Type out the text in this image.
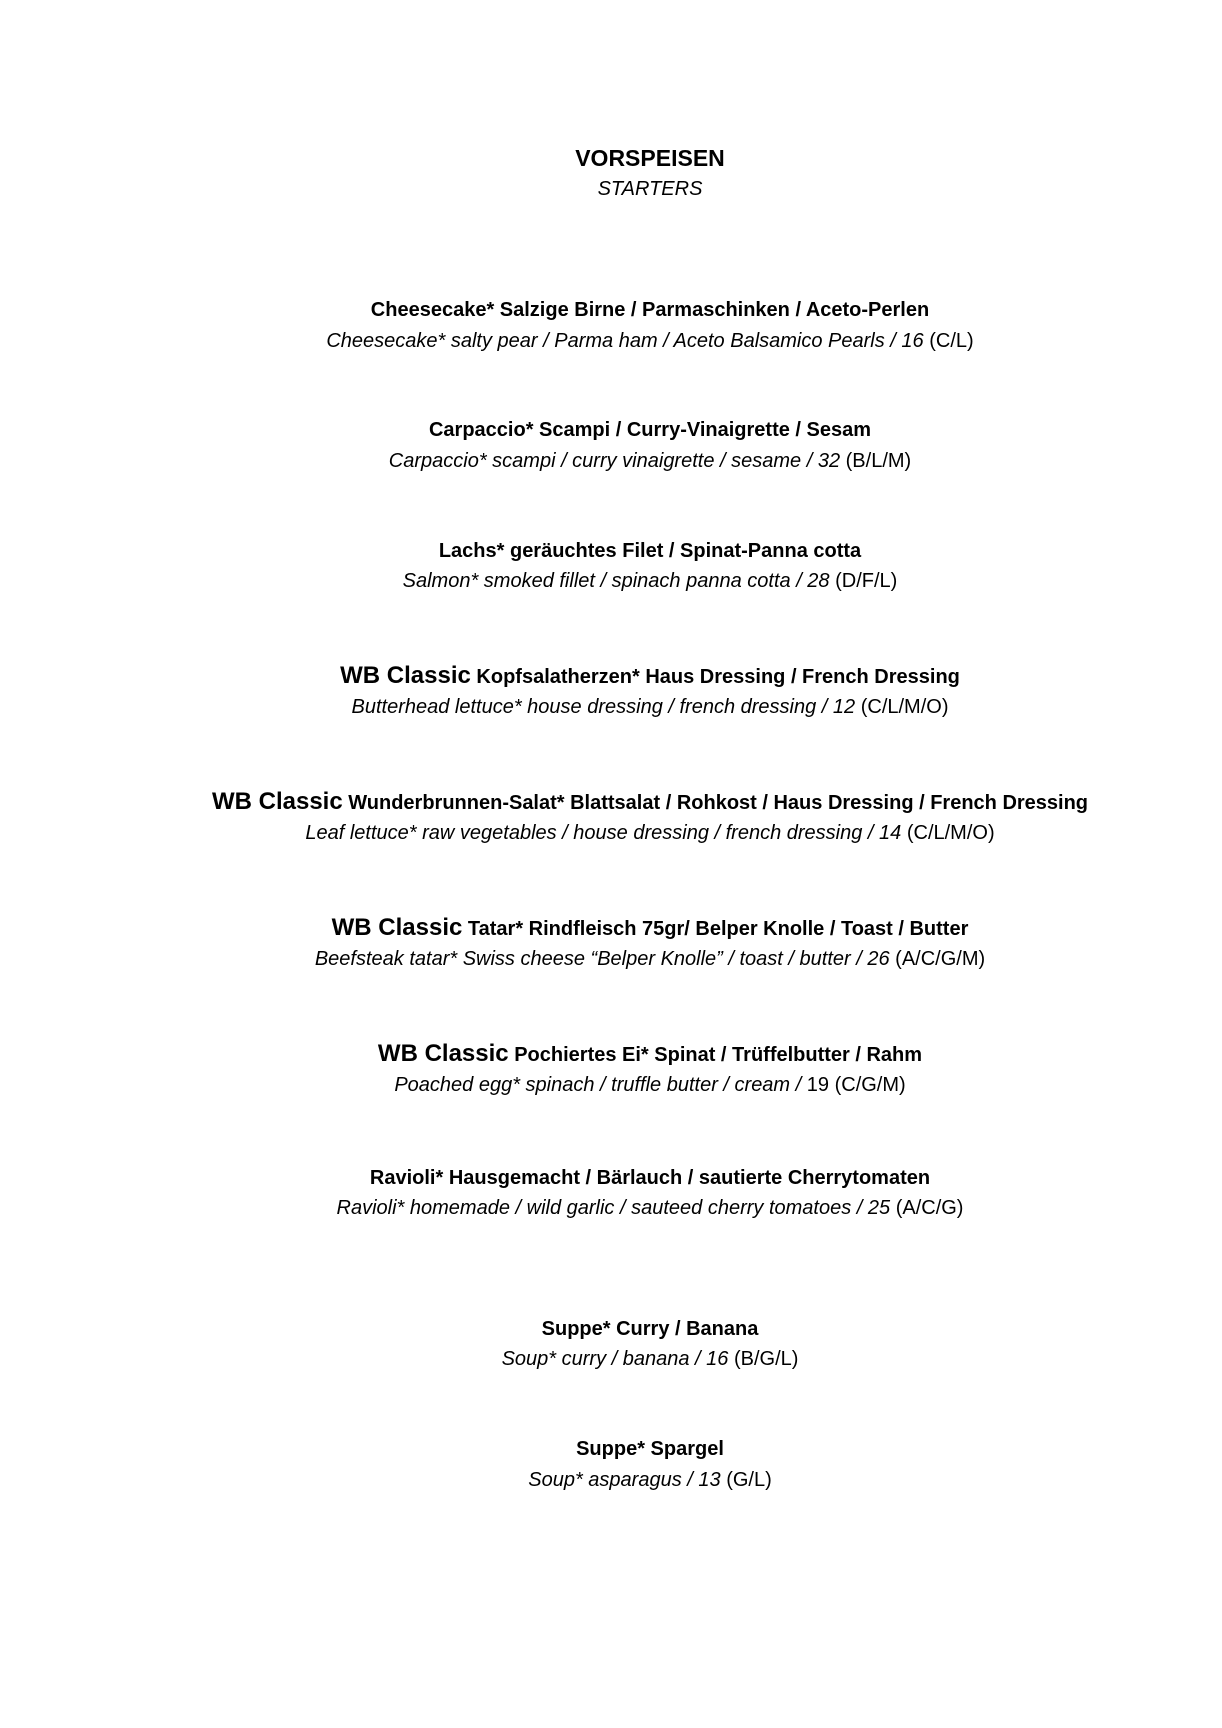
VORSPEISEN
STARTERS
Cheesecake* Salzige Birne / Parmaschinken / Aceto-Perlen
Cheesecake* salty pear / Parma ham / Aceto Balsamico Pearls / 16 (C/L)
Carpaccio* Scampi / Curry-Vinaigrette / Sesam
Carpaccio* scampi / curry vinaigrette / sesame / 32 (B/L/M)
Lachs* geräuchtes Filet / Spinat-Panna cotta
Salmon* smoked fillet / spinach panna cotta / 28 (D/F/L)
WB Classic Kopfsalatherzen* Haus Dressing / French Dressing
Butterhead lettuce* house dressing / french dressing / 12 (C/L/M/O)
WB Classic Wunderbrunnen-Salat* Blattsalat / Rohkost / Haus Dressing / French Dressing
Leaf lettuce* raw vegetables / house dressing / french dressing / 14 (C/L/M/O)
WB Classic Tatar* Rindfleisch 75gr/ Belper Knolle / Toast / Butter
Beefsteak tatar* Swiss cheese “Belper Knolle” / toast / butter / 26 (A/C/G/M)
WB Classic Pochiertes Ei* Spinat / Trüffelbutter / Rahm
Poached egg* spinach / truffle butter / cream / 19 (C/G/M)
Ravioli* Hausgemacht / Bärlauch / sautierte Cherrytomaten
Ravioli* homemade / wild garlic / sauteed cherry tomatoes / 25 (A/C/G)
Suppe* Curry / Banana
Soup* curry / banana / 16 (B/G/L)
Suppe* Spargel
Soup* asparagus / 13 (G/L)
